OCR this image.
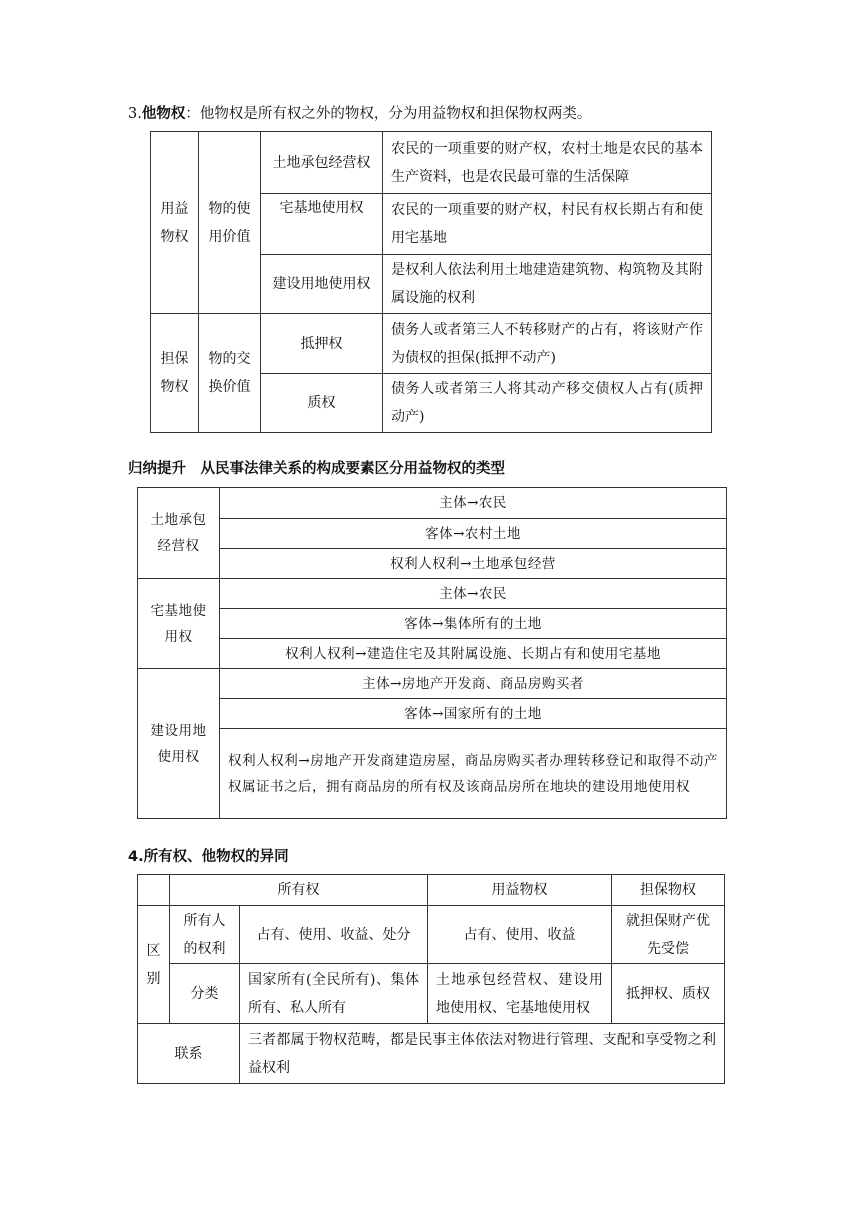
3.他物权：他物权是所有权之外的物权，分为用益物权和担保物权两类。
用益物权	物的使用价值	土地承包经营权	农民的一项重要的财产权，农村土地是农民的基本生产资料，也是农民最可靠的生活保障
		宅基地使用权	农民的一项重要的财产权，村民有权长期占有和使用宅基地
		建设用地使用权	是权利人依法利用土地建造建筑物、构筑物及其附属设施的权利
担保物权	物的交换价值	抵押权	债务人或者第三人不转移财产的占有，将该财产作为债权的担保(抵押不动产)
		质权	债务人或者第三人将其动产移交债权人占有(质押动产)
归纳提升　从民事法律关系的构成要素区分用益物权的类型
土地承包经营权	主体→农民
	客体→农村土地
	权利人权利→土地承包经营
宅基地使用权	主体→农民
	客体→集体所有的土地
	权利人权利→建造住宅及其附属设施、长期占有和使用宅基地
建设用地使用权	主体→房地产开发商、商品房购买者
	客体→国家所有的土地
	权利人权利→房地产开发商建造房屋，商品房购买者办理转移登记和取得不动产权属证书之后，拥有商品房的所有权及该商品房所在地块的建设用地使用权
4.所有权、他物权的异同
	所有权		用益物权	担保物权
区别	所有人的权利	占有、使用、收益、处分	占有、使用、收益	就担保财产优先受偿
	分类	国家所有(全民所有)、集体所有、私人所有	土地承包经营权、建设用地使用权、宅基地使用权	抵押权、质权
联系		三者都属于物权范畴，都是民事主体依法对物进行管理、支配和享受物之利益权利		
